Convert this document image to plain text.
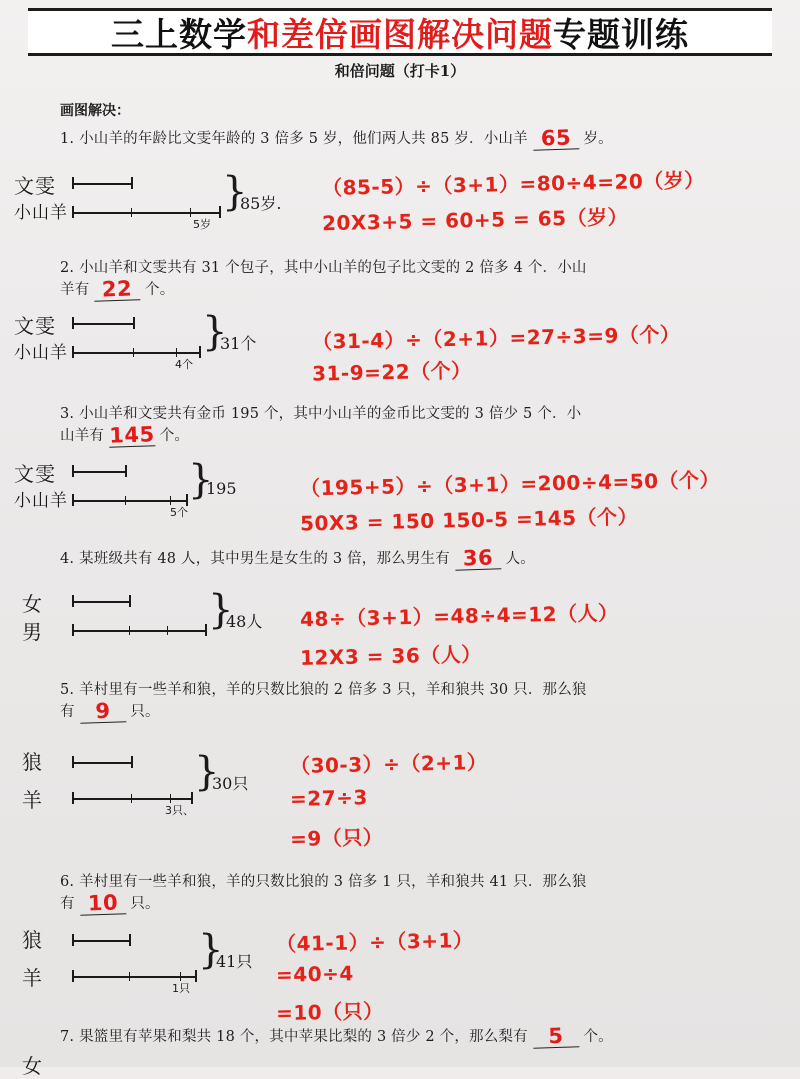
三上数学和差倍画图解决问题专题训练
和倍问题（打卡1）
画图解决：
1. 小山羊的年龄比文雯年龄的 3 倍多 5 岁，他们两人共 85 岁．小山羊 65 岁。
文雯
小山羊
5岁
}
85岁.
（85-5）÷（3+1）=80÷4=20（岁）
20X3+5 = 60+5 = 65（岁）
2. 小山羊和文雯共有 31 个包子，其中小山羊的包子比文雯的 2 倍多 4 个．小山
羊有 22 个。
文雯
小山羊
4个
}
31个	（31-4）÷（2+1）=27÷3=9（个）
31-9=22（个）
3. 小山羊和文雯共有金币 195 个，其中小山羊的金币比文雯的 3 倍少 5 个．小
山羊有 145 个。
文雯
小山羊
5个
}
195	（195+5）÷（3+1）=200÷4=50（个）
50X3 = 150 150-5 =145（个）
4. 某班级共有 48 人，其中男生是女生的 3 倍，那么男生有 36 人。
女
男	}
48人 48÷（3+1）=48÷4=12（人）
12X3 = 36（人）
5. 羊村里有一些羊和狼，羊的只数比狼的 2 倍多 3 只，羊和狼共 30 只．那么狼
有 9 只。
狼
羊	3只、
}
30只
（30-3）÷（2+1）
=27÷3
=9（只）
6. 羊村里有一些羊和狼，羊的只数比狼的 3 倍多 1 只，羊和狼共 41 只．那么狼
有 10 只。
狼
羊	1只
}
41只
（41-1）÷（3+1）
=40÷4
=10（只）
7. 果篮里有苹果和梨共 18 个，其中苹果比梨的 3 倍少 2 个，那么梨有 5 个。
女
